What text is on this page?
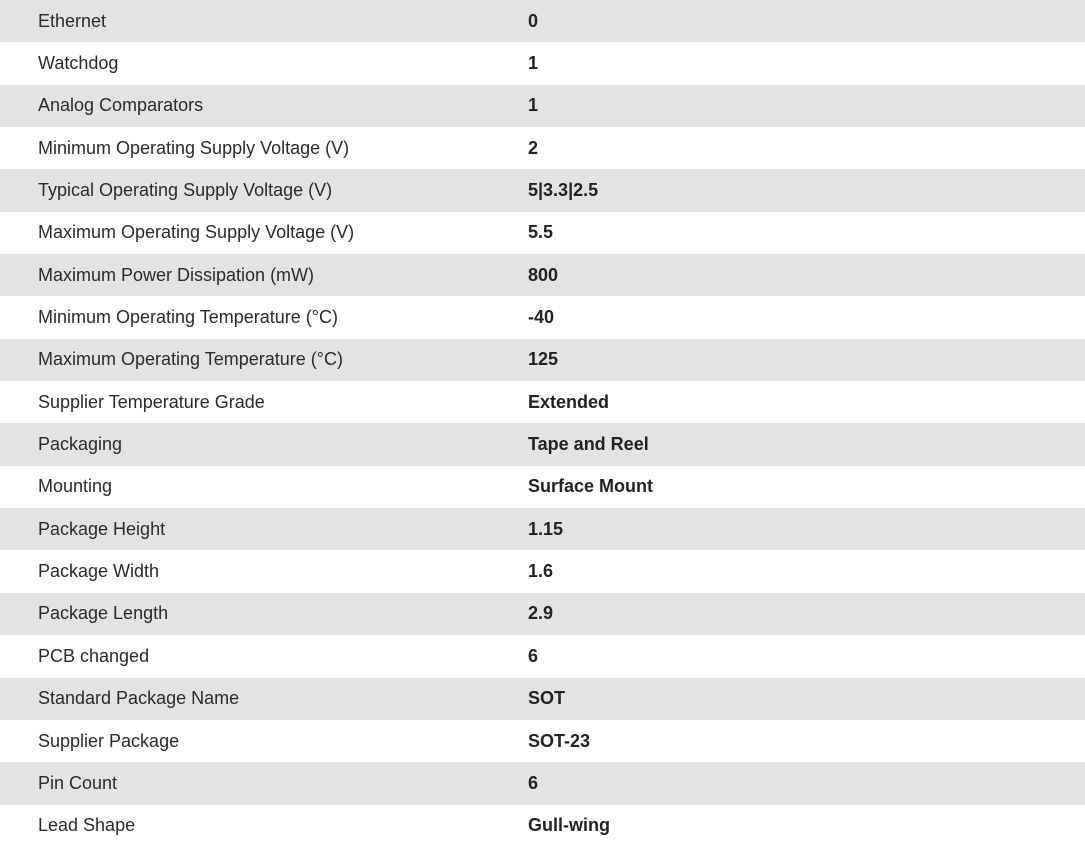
Ethernet	0
Watchdog	1
Analog Comparators	1
Minimum Operating Supply Voltage (V)	2
Typical Operating Supply Voltage (V)	5|3.3|2.5
Maximum Operating Supply Voltage (V)	5.5
Maximum Power Dissipation (mW)	800
Minimum Operating Temperature (°C)	-40
Maximum Operating Temperature (°C)	125
Supplier Temperature Grade	Extended
Packaging	Tape and Reel
Mounting	Surface Mount
Package Height	1.15
Package Width	1.6
Package Length	2.9
PCB changed	6
Standard Package Name	SOT
Supplier Package	SOT-23
Pin Count	6
Lead Shape	Gull-wing
